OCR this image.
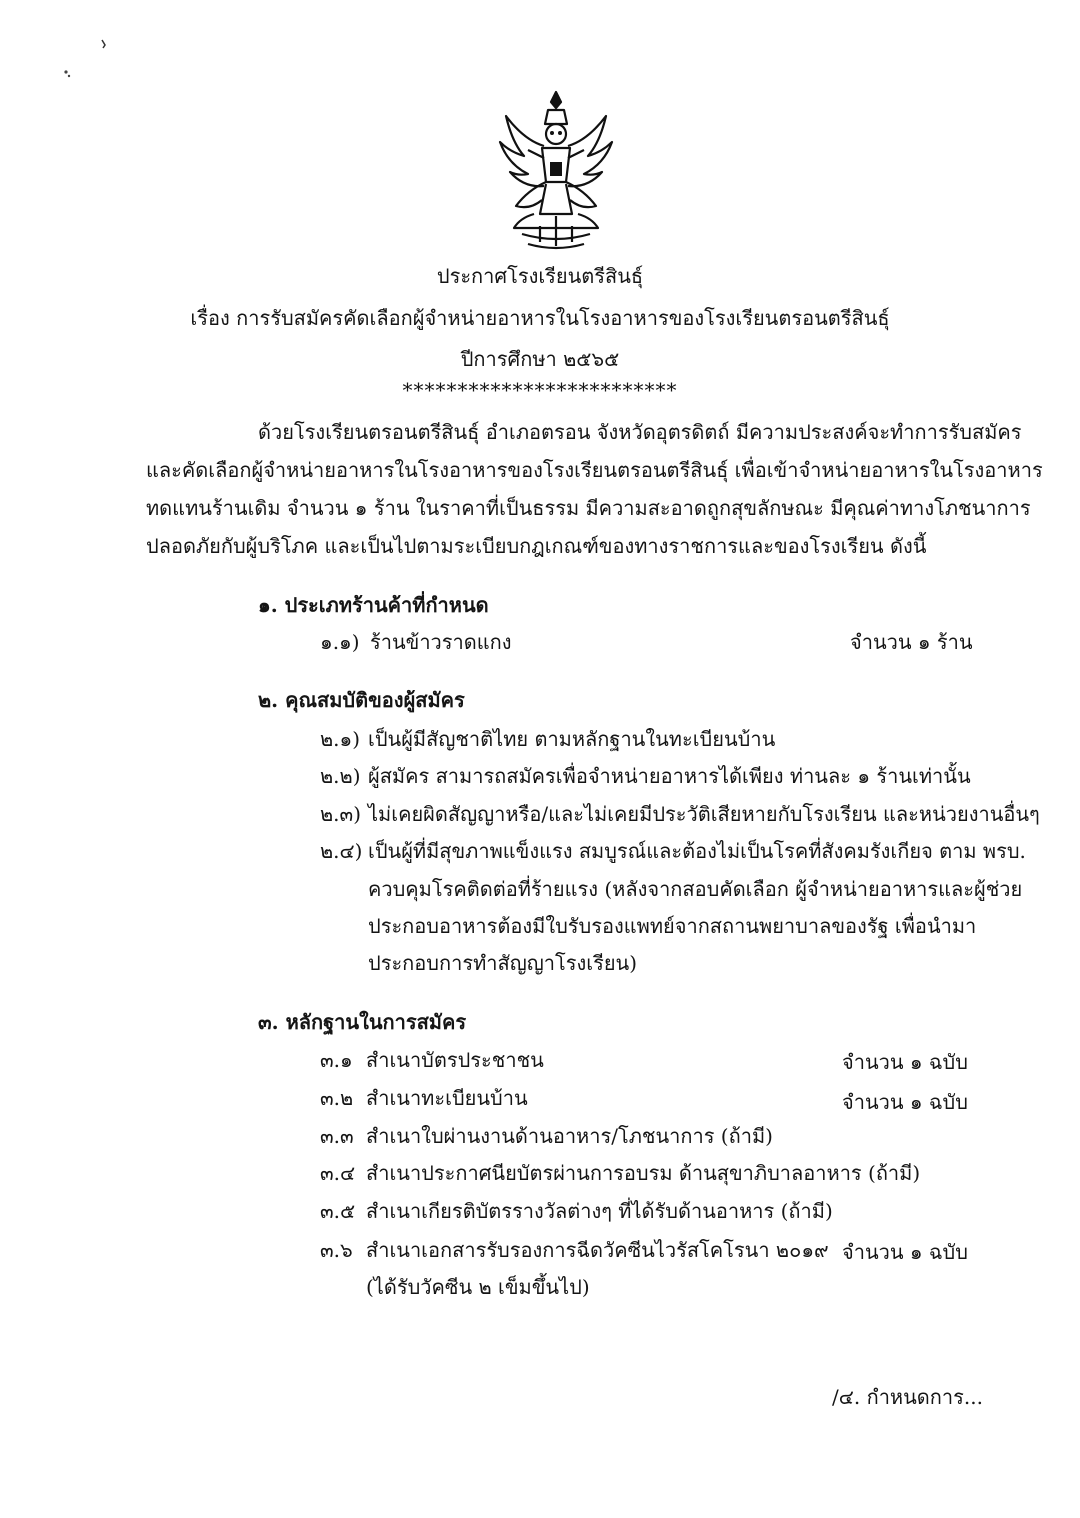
ประกาศโรงเรียนตรีสินธุ์
เรื่อง การรับสมัครคัดเลือกผู้จำหน่ายอาหารในโรงอาหารของโรงเรียนตรอนตรีสินธุ์
ปีการศึกษา ๒๕๖๕
*************************
ด้วยโรงเรียนตรอนตรีสินธุ์ อำเภอตรอน จังหวัดอุตรดิตถ์ มีความประสงค์จะทำการรับสมัคร
และคัดเลือกผู้จำหน่ายอาหารในโรงอาหารของโรงเรียนตรอนตรีสินธุ์ เพื่อเข้าจำหน่ายอาหารในโรงอาหาร
ทดแทนร้านเดิม จำนวน ๑ ร้าน ในราคาที่เป็นธรรม มีความสะอาดถูกสุขลักษณะ มีคุณค่าทางโภชนาการ
ปลอดภัยกับผู้บริโภค และเป็นไปตามระเบียบกฎเกณฑ์ของทางราชการและของโรงเรียน ดังนี้
๑. ประเภทร้านค้าที่กำหนด
๑.๑) ร้านข้าวราดแกง	จำนวน ๑ ร้าน
๒. คุณสมบัติของผู้สมัคร
๒.๑) เป็นผู้มีสัญชาติไทย ตามหลักฐานในทะเบียนบ้าน
๒.๒) ผู้สมัคร สามารถสมัครเพื่อจำหน่ายอาหารได้เพียง ท่านละ ๑ ร้านเท่านั้น
๒.๓) ไม่เคยผิดสัญญาหรือ/และไม่เคยมีประวัติเสียหายกับโรงเรียน และหน่วยงานอื่นๆ
๒.๔) เป็นผู้ที่มีสุขภาพแข็งแรง สมบูรณ์และต้องไม่เป็นโรคที่สังคมรังเกียจ ตาม พรบ.
ควบคุมโรคติดต่อที่ร้ายแรง (หลังจากสอบคัดเลือก ผู้จำหน่ายอาหารและผู้ช่วย
ประกอบอาหารต้องมีใบรับรองแพทย์จากสถานพยาบาลของรัฐ เพื่อนำมา
ประกอบการทำสัญญาโรงเรียน)
๓. หลักฐานในการสมัคร
๓.๑ สำเนาบัตรประชาชน	จำนวน ๑ ฉบับ
๓.๒ สำเนาทะเบียนบ้าน	จำนวน ๑ ฉบับ
๓.๓ สำเนาใบผ่านงานด้านอาหาร/โภชนาการ (ถ้ามี)
๓.๔ สำเนาประกาศนียบัตรผ่านการอบรม ด้านสุขาภิบาลอาหาร (ถ้ามี)
๓.๕ สำเนาเกียรติบัตรรางวัลต่างๆ ที่ได้รับด้านอาหาร (ถ้ามี)
๓.๖ สำเนาเอกสารรับรองการฉีดวัคซีนไวรัสโคโรนา ๒๐๑๙ จำนวน ๑ ฉบับ
(ได้รับวัคซีน ๒ เข็มขึ้นไป)
/๔. กำหนดการ...
